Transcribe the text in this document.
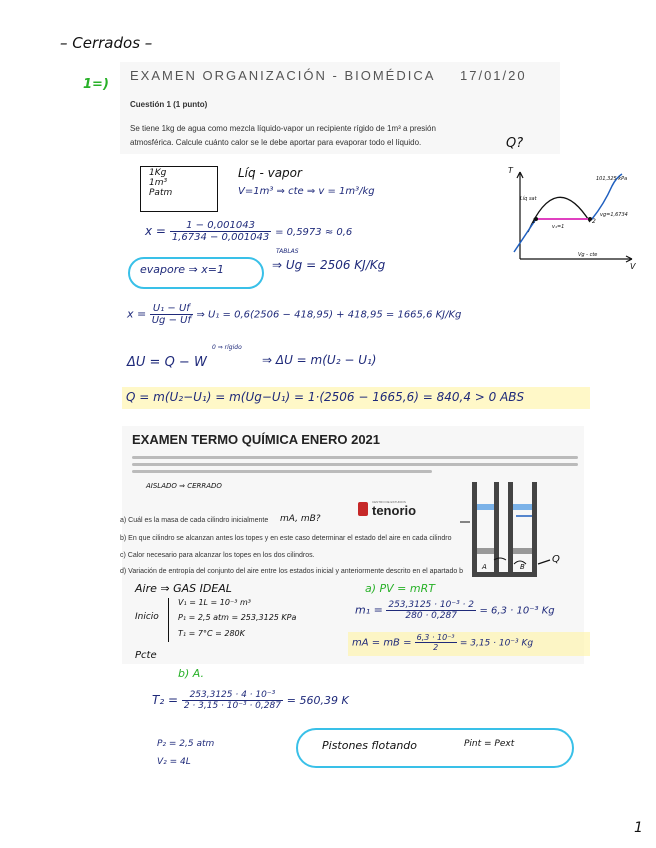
– Cerrados –
1=)
EXAMEN ORGANIZACIÓN - BIOMÉDICA 17/01/20
Cuestión 1 (1 punto)
Se tiene 1kg de agua como mezcla líquido-vapor un recipiente rígido de 1m³ a presión
atmosférica. Calcule cuánto calor se le debe aportar para evaporar todo el líquido.	Q?
1Kg
1m³
Patm
Líq - vapor
V=1m³ ⇒ cte ⇒ v = 1m³/kg
$x = \frac{1 - 0,001043}{1,6734 - 0,001043} = 0,5973 \approx 0,6$
evapore ⇒ x=1
TABLAS
⇒ Ug = 2506 KJ/Kg
T
101,325 kPa
Líq sat
1	2
v₁=1
vg=1,6734
Vg - cte
V
$x = \frac{\text{U₁ − Uf}}{Ug - Uf}$ ⇒ U₁ = 0,6(2506 − 418,95) + 418,95 = 1665,6 KJ/Kg
ΔU = Q − W
0 ⇒ rígido
⇒ ΔU = m(U₂ − U₁)
Q = m(U₂−U₁) = m(Ug−U₁) = 1·(2506 − 1665,6) = 840,4 > 0 ABS
EXAMEN TERMO QUÍMICA ENERO 2021
AISLADO ⇒ CERRADO
CENTRO DE ESTUDIOS
tenorio
a) Cuál es la masa de cada cilindro inicialmente mA, mB?
b) En que cilindro se alcanzan antes los topes y en este caso determinar el estado del aire en cada cilindro
c) Calor necesario para alcanzar los topes en los dos cilindros.
d) Variación de entropía del conjunto del aire entre los estados inicial y anteriormente descrito en el apartado b
A	B
Q
Aire ⇒ GAS IDEAL
Inicio
V₁ = 1L = 10⁻³ m³
P₁ = 2,5 atm = 253,3125 KPa
T₁ = 7°C = 280K
a) PV = mRT
$m_1 = \frac{\text{253,3125 · 10⁻³ · 2}}{280 \cdot 0,287} = 6,3 \cdot 10^{-3}$ Kg
mA = mB = $\frac{\text{6,3 · 10⁻³}}{2} = 3,15 \cdot 10^{-3}$ Kg
Pcte
b) A.
$T_2 = \frac{\text{253,3125 · 4 · 10⁻³}}{\text{2 · 3,15 · 10⁻³ · 0,287}} = 560,39$ K
P₂ = 2,5 atm
V₂ = 4L
Pistones flotando	Pint = Pext
1
